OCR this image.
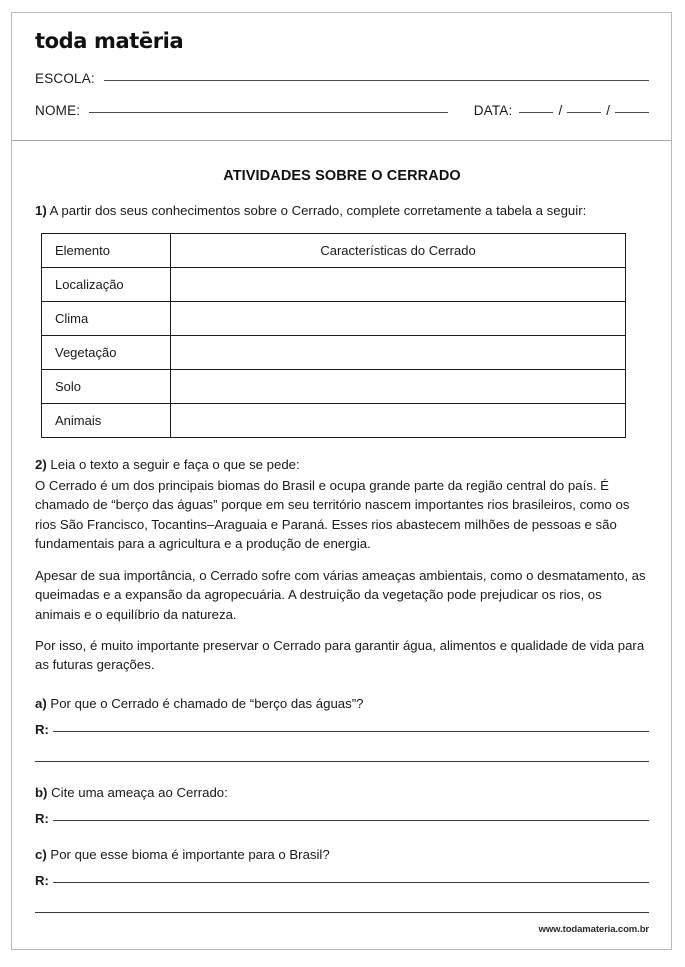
toda matēria
ESCOLA:
NOME:	DATA:	/	/
ATIVIDADES SOBRE O CERRADO

1) A partir dos seus conhecimentos sobre o Cerrado, complete corretamente a tabela a seguir:

Elemento	Características do Cerrado
Localização	
Clima	
Vegetação	
Solo	
Animais	

2) Leia o texto a seguir e faça o que se pede:

O Cerrado é um dos principais biomas do Brasil e ocupa grande parte da região central do país. É chamado de “berço das águas” porque em seu território nascem importantes rios brasileiros, como os rios São Francisco, Tocantins–Araguaia e Paraná. Esses rios abastecem milhões de pessoas e são fundamentais para a agricultura e a produção de energia.

Apesar de sua importância, o Cerrado sofre com várias ameaças ambientais, como o desmatamento, as queimadas e a expansão da agropecuária. A destruição da vegetação pode prejudicar os rios, os animais e o equilíbrio da natureza.

Por isso, é muito importante preservar o Cerrado para garantir água, alimentos e qualidade de vida para as futuras gerações.

a) Por que o Cerrado é chamado de “berço das águas”?

R:

b) Cite uma ameaça ao Cerrado:

R:

c) Por que esse bioma é importante para o Brasil?

R:
www.todamateria.com.br
